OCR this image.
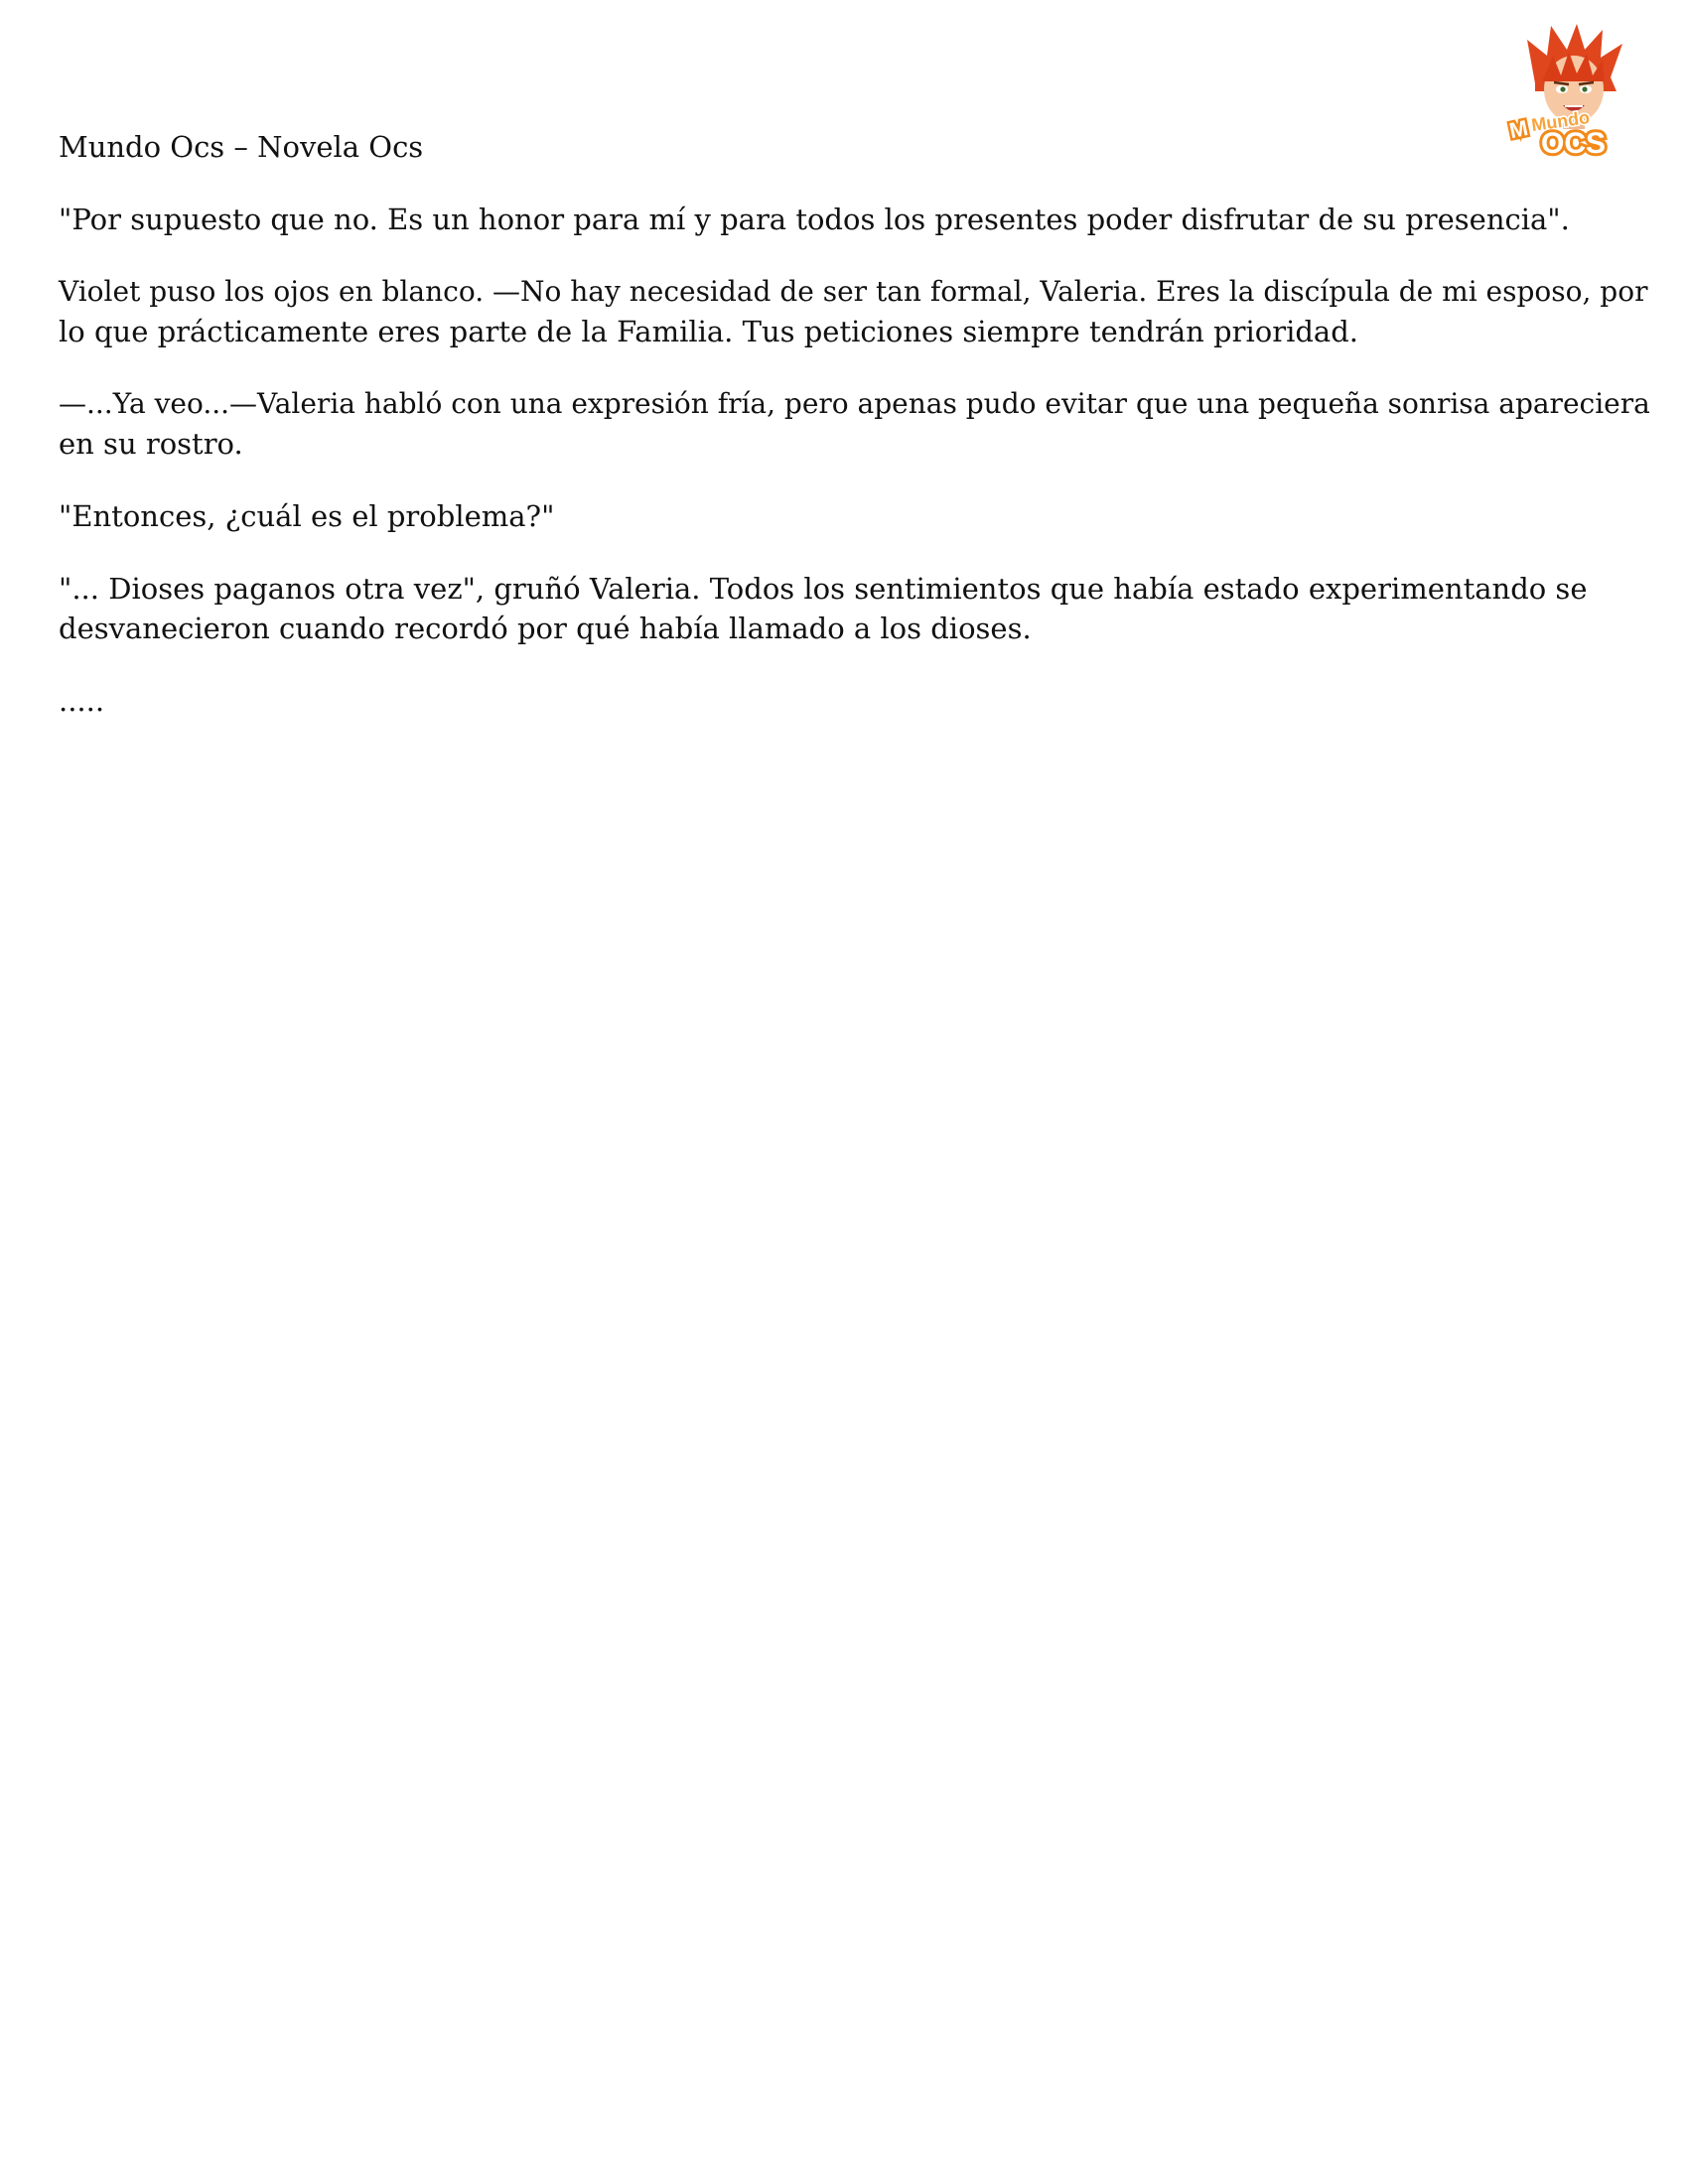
M Mundo
OCS

Mundo Ocs – Novela Ocs

"Por supuesto que no. Es un honor para mí y para todos los presentes poder disfrutar de su presencia".

Violet puso los ojos en blanco. —No hay necesidad de ser tan formal, Valeria. Eres la discípula de mi esposo, por
lo que prácticamente eres parte de la Familia. Tus peticiones siempre tendrán prioridad.

—...Ya veo...—Valeria habló con una expresión fría, pero apenas pudo evitar que una pequeña sonrisa apareciera
en su rostro.

"Entonces, ¿cuál es el problema?"

"... Dioses paganos otra vez", gruñó Valeria. Todos los sentimientos que había estado experimentando se
desvanecieron cuando recordó por qué había llamado a los dioses.

.....
